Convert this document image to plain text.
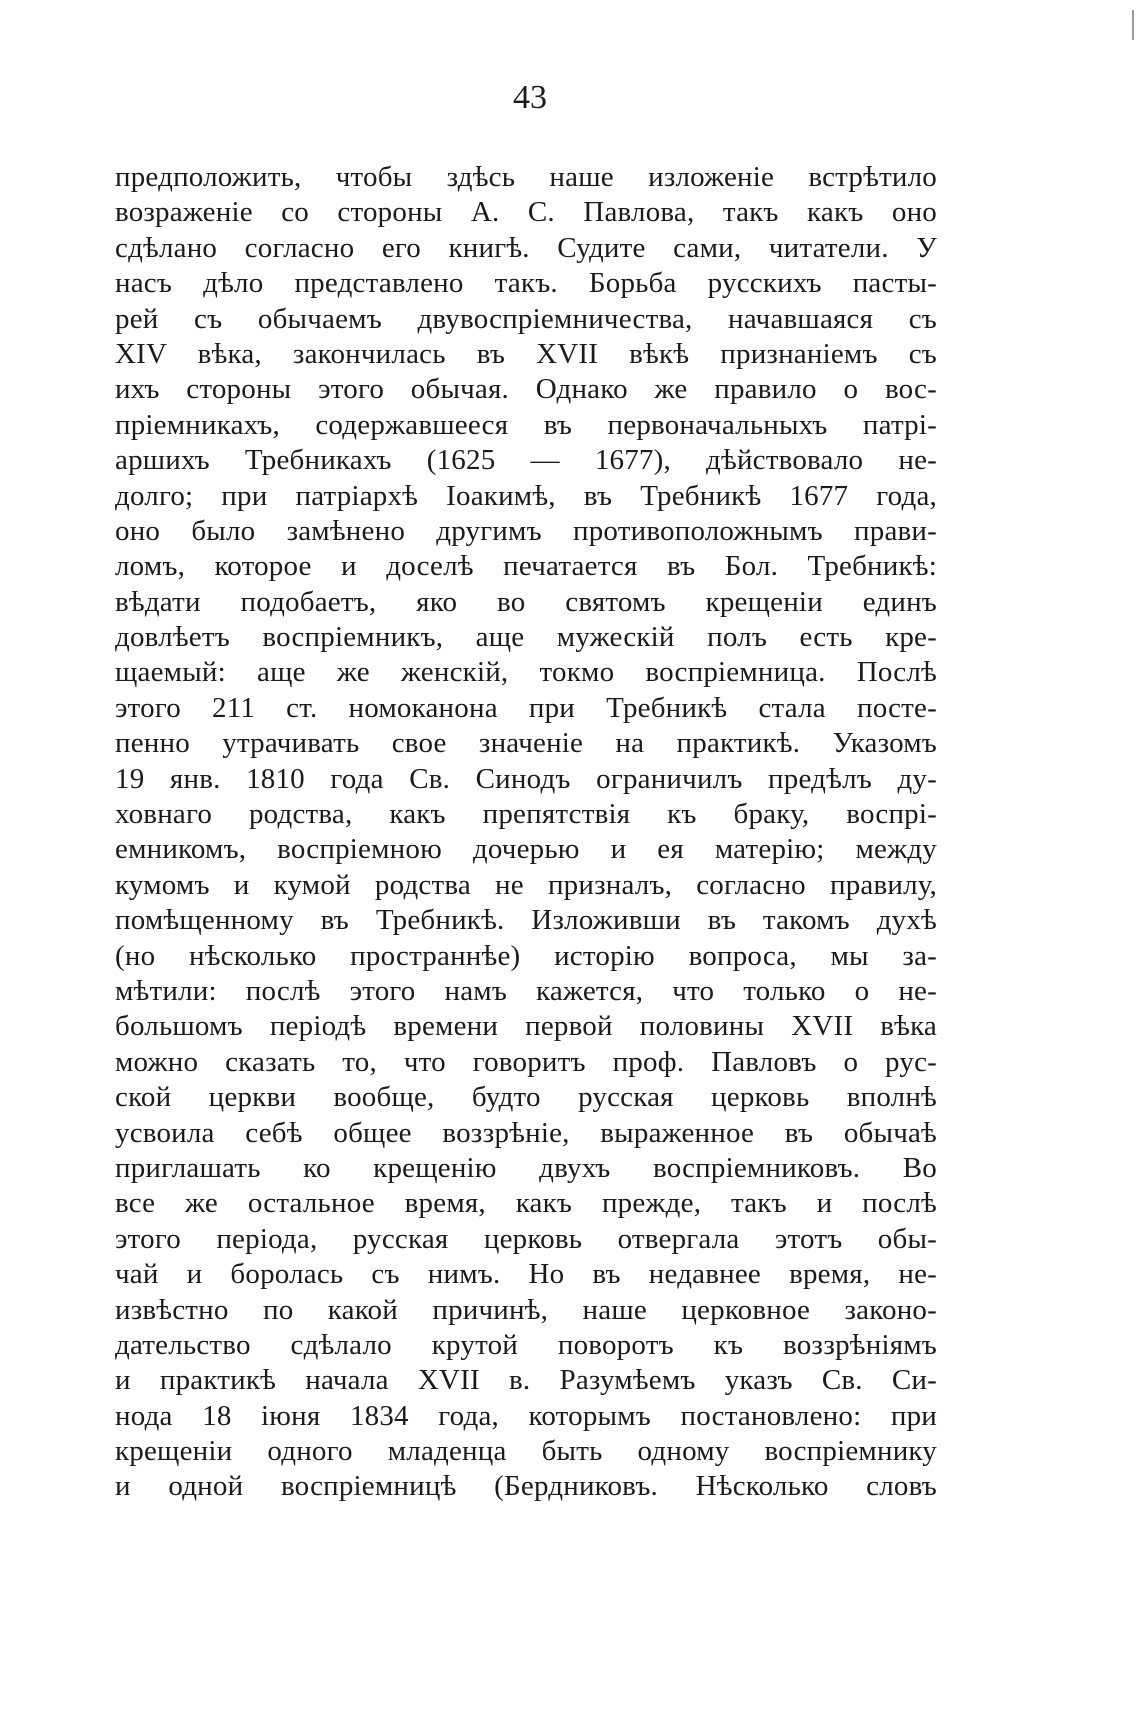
43
предположить, чтобы здѣсь наше изложеніе встрѣтило
возраженіе со стороны А. С. Павлова, такъ какъ оно
сдѣлано согласно его книгѣ. Судите сами, читатели. У
насъ дѣло представлено такъ. Борьба русскихъ пасты-
рей съ обычаемъ двувоспріемничества, начавшаяся съ
XIV вѣка, закончилась въ XVII вѣкѣ признаніемъ съ
ихъ стороны этого обычая. Однако же правило о вос-
пріемникахъ, содержавшееся въ первоначальныхъ патрі-
аршихъ Требникахъ (1625 — 1677), дѣйствовало не-
долго; при патріархѣ Іоакимѣ, въ Требникѣ 1677 года,
оно было замѣнено другимъ противоположнымъ прави-
ломъ, которое и доселѣ печатается въ Бол. Требникѣ:
вѣдати подобаетъ, яко во святомъ крещеніи единъ
довлѣетъ воспріемникъ, аще мужескій полъ есть кре-
щаемый: аще же женскій, токмо воспріемница. Послѣ
этого 211 ст. номоканона при Требникѣ стала посте-
пенно утрачивать свое значеніе на практикѣ. Указомъ
19 янв. 1810 года Св. Синодъ ограничилъ предѣлъ ду-
ховнаго родства, какъ препятствія къ браку, воспрі-
емникомъ, воспріемною дочерью и ея матерію; между
кумомъ и кумой родства не призналъ, согласно правилу,
помѣщенному въ Требникѣ. Изложивши въ такомъ духѣ
(но нѣсколько пространнѣе) исторію вопроса, мы за-
мѣтили: послѣ этого намъ кажется, что только о не-
большомъ періодѣ времени первой половины XVII вѣка
можно сказать то, что говоритъ проф. Павловъ о рус-
ской церкви вообще, будто русская церковь вполнѣ
усвоила себѣ общее воззрѣніе, выраженное въ обычаѣ
приглашать ко крещенію двухъ воспріемниковъ. Во
все же остальное время, какъ прежде, такъ и послѣ
этого періода, русская церковь отвергала этотъ обы-
чай и боролась съ нимъ. Но въ недавнее время, не-
извѣстно по какой причинѣ, наше церковное законо-
дательство сдѣлало крутой поворотъ къ воззрѣніямъ
и практикѣ начала XVII в. Разумѣемъ указъ Св. Си-
нода 18 іюня 1834 года, которымъ постановлено: при
крещеніи одного младенца быть одному воспріемнику
и одной воспріемницѣ (Бердниковъ. Нѣсколько словъ
